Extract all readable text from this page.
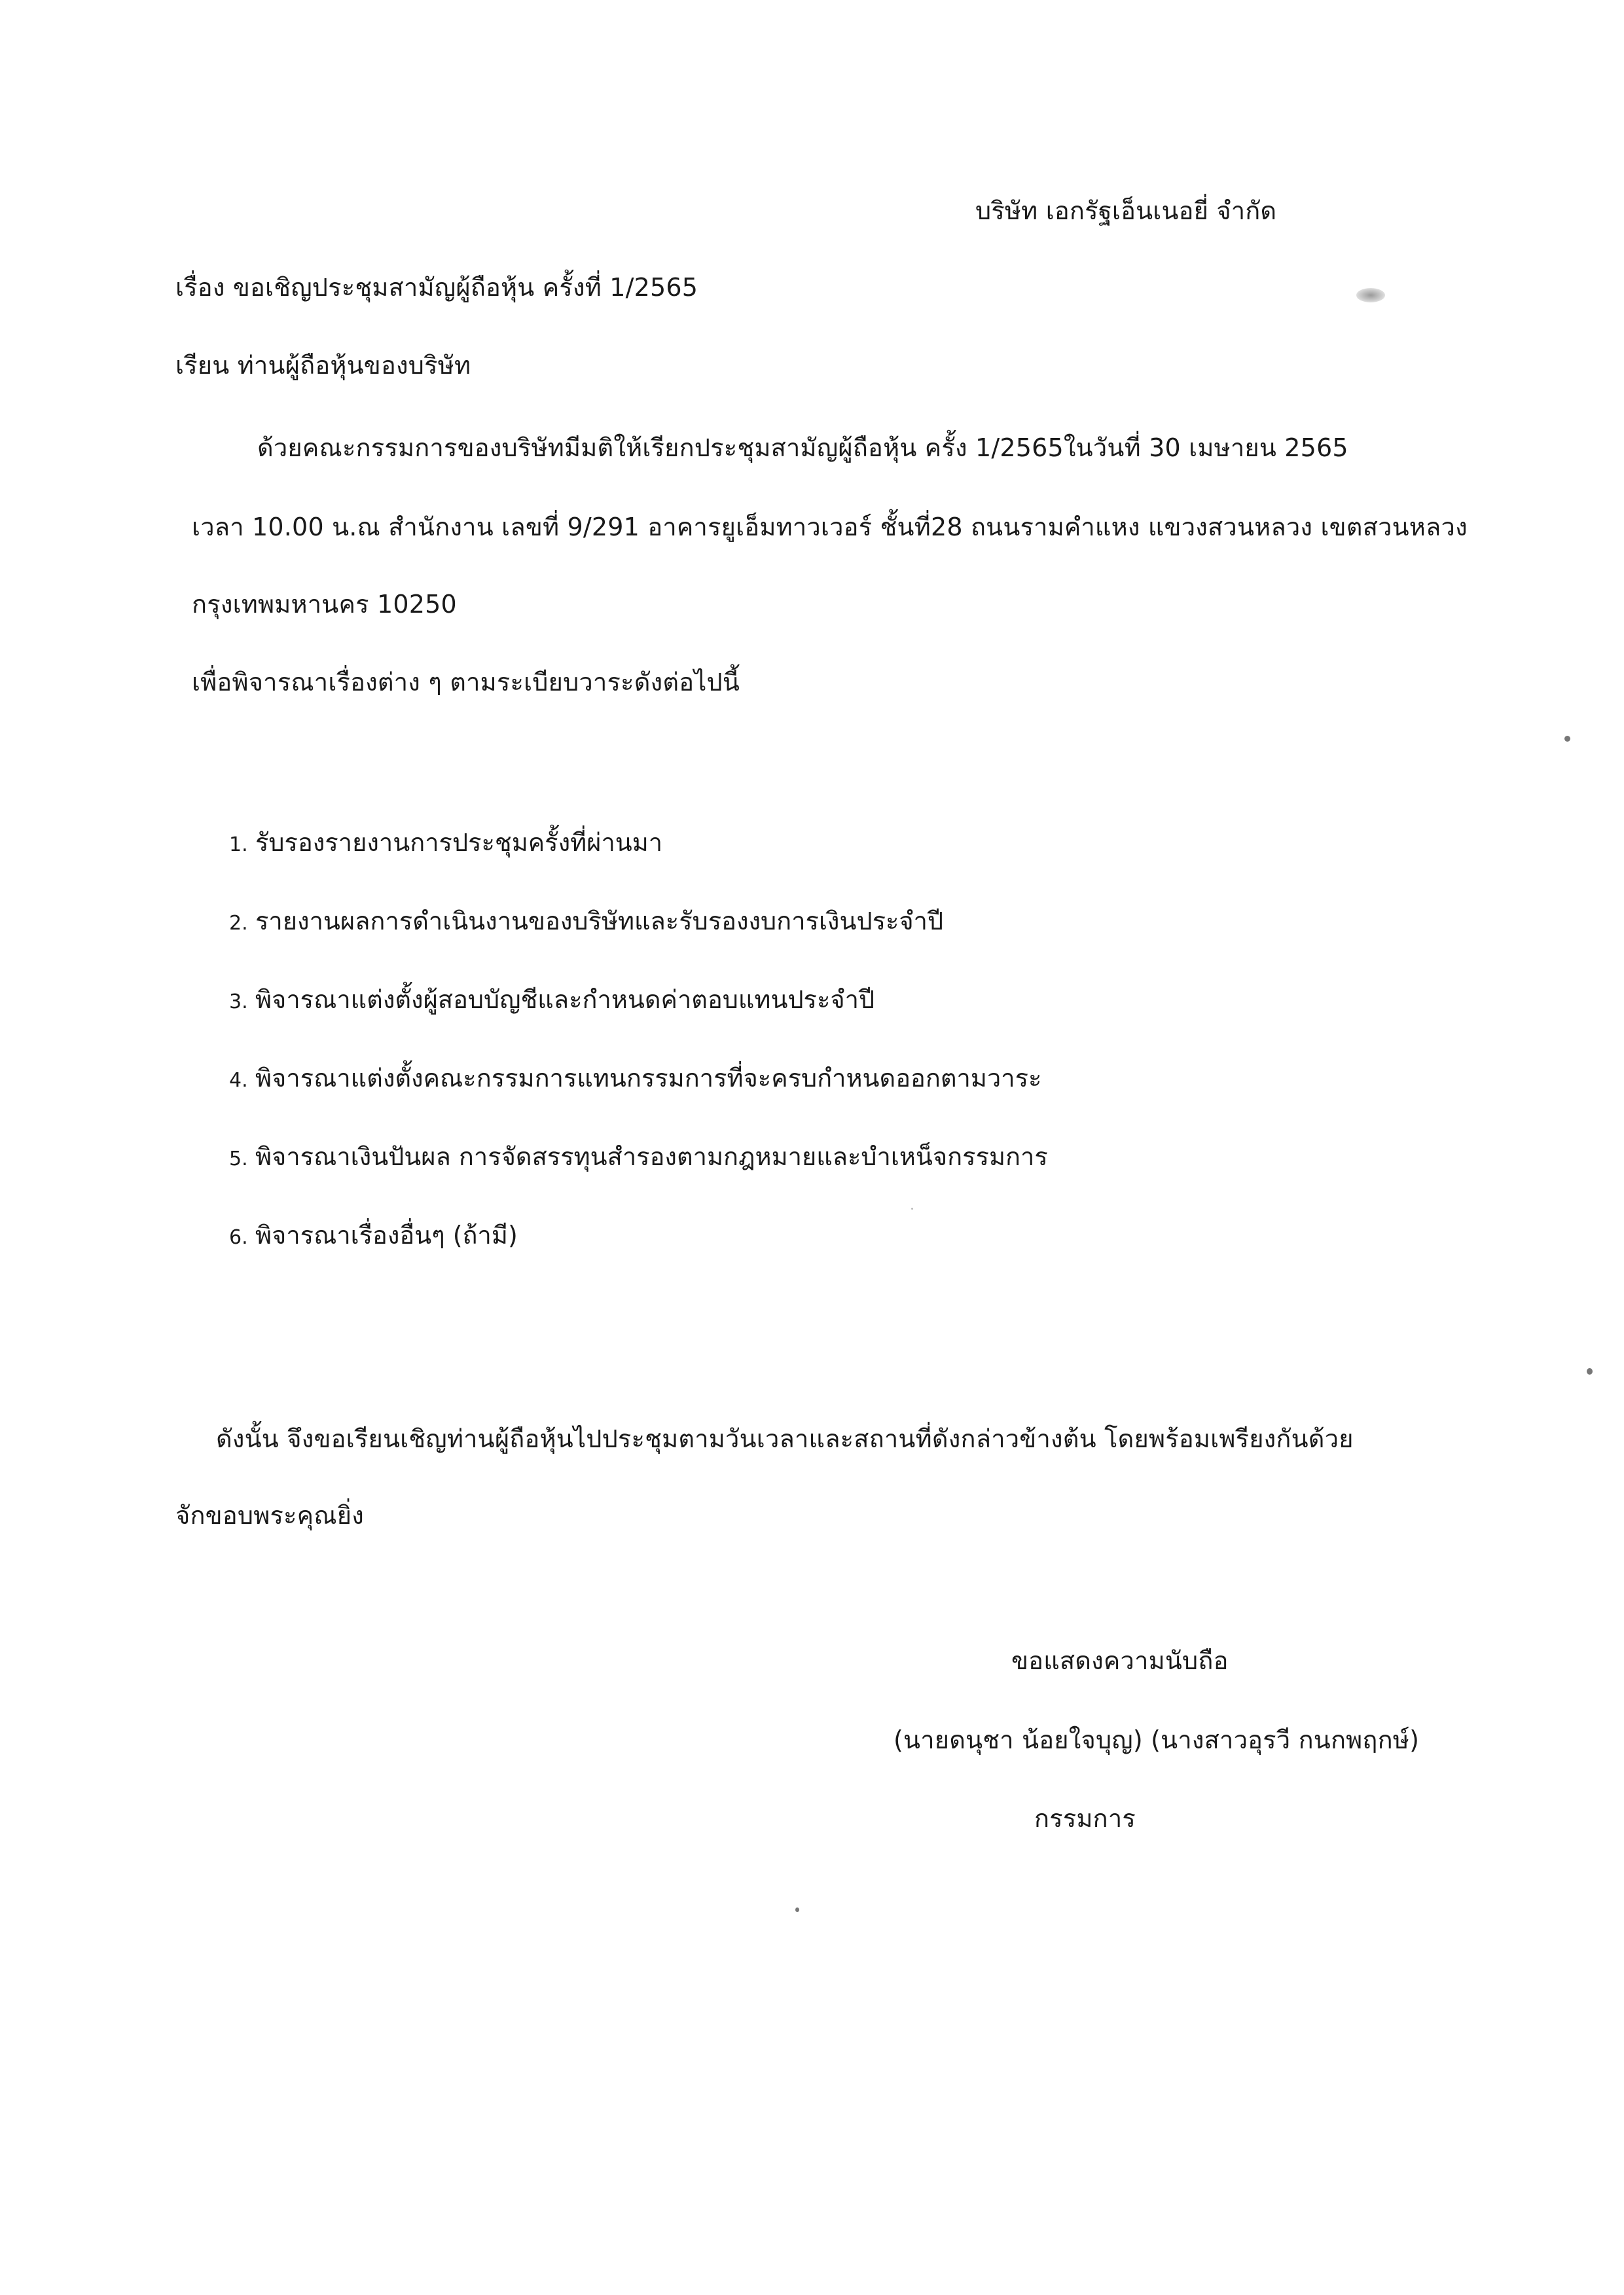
บริษัท เอกรัฐเอ็นเนอยี่ จำกัด
เรื่อง ขอเชิญประชุมสามัญผู้ถือหุ้น ครั้งที่ 1/2565
เรียน ท่านผู้ถือหุ้นของบริษัท
ด้วยคณะกรรมการของบริษัทมีมติให้เรียกประชุมสามัญผู้ถือหุ้น ครั้ง 1/2565ในวันที่ 30 เมษายน 2565
เวลา 10.00 น.ณ สำนักงาน เลขที่ 9/291 อาคารยูเอ็มทาวเวอร์ ชั้นที่28 ถนนรามคำแหง แขวงสวนหลวง เขตสวนหลวง
กรุงเทพมหานคร 10250
เพื่อพิจารณาเรื่องต่าง ๆ ตามระเบียบวาระดังต่อไปนี้
1. รับรองรายงานการประชุมครั้งที่ผ่านมา
2. รายงานผลการดำเนินงานของบริษัทและรับรองงบการเงินประจำปี
3. พิจารณาแต่งตั้งผู้สอบบัญชีและกำหนดค่าตอบแทนประจำปี
4. พิจารณาแต่งตั้งคณะกรรมการแทนกรรมการที่จะครบกำหนดออกตามวาระ
5. พิจารณาเงินปันผล การจัดสรรทุนสำรองตามกฎหมายและบำเหน็จกรรมการ
6. พิจารณาเรื่องอื่นๆ (ถ้ามี)
ดังนั้น จึงขอเรียนเชิญท่านผู้ถือหุ้นไปประชุมตามวันเวลาและสถานที่ดังกล่าวข้างต้น โดยพร้อมเพรียงกันด้วย
จักขอบพระคุณยิ่ง
ขอแสดงความนับถือ
(นายดนุชา น้อยใจบุญ) (นางสาวอุรวี กนกพฤกษ์)
กรรมการ
